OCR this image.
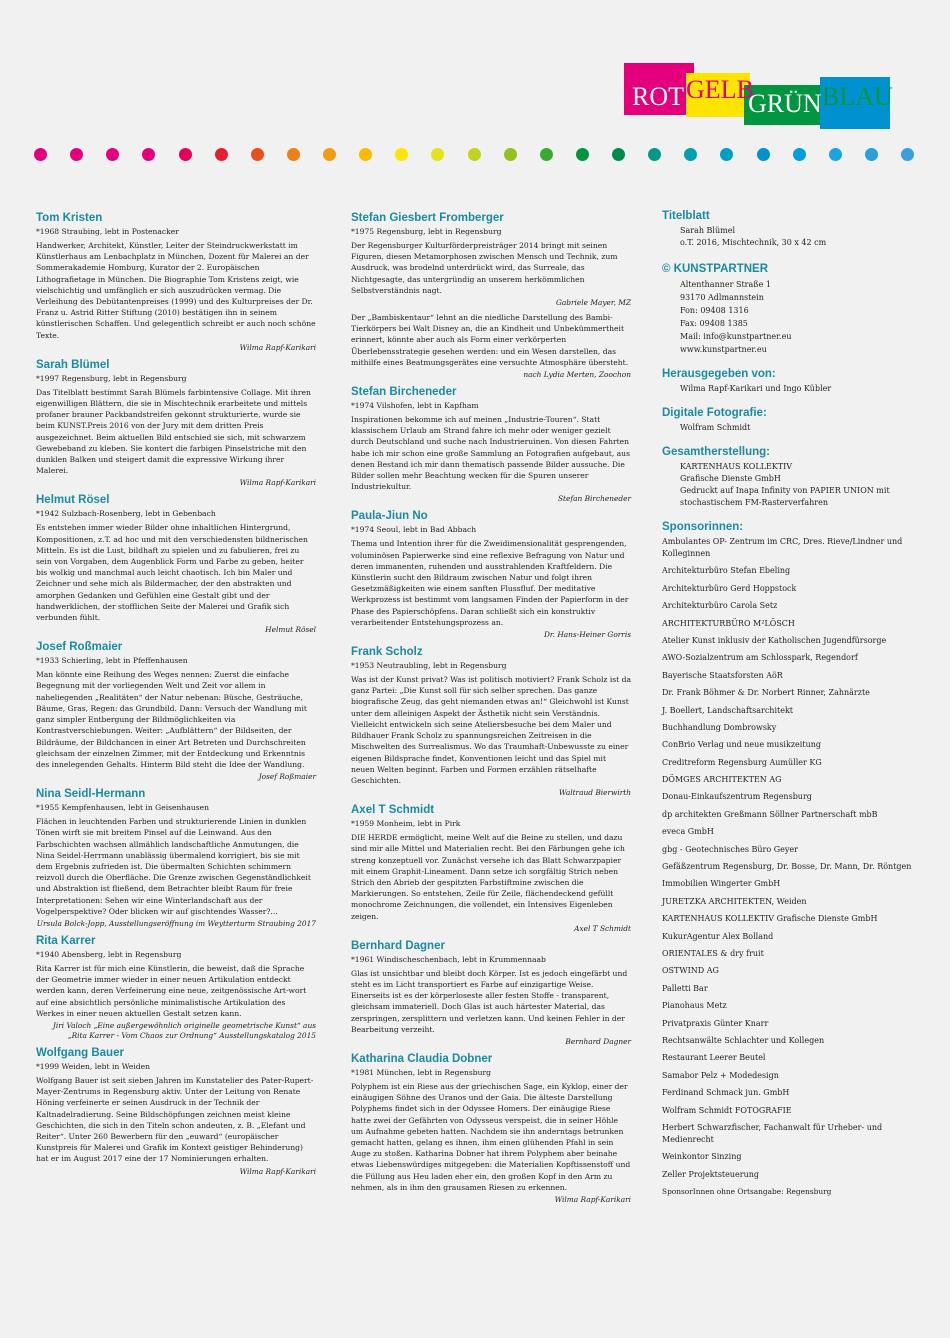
ROT GELB
GRÜN BLAU
Tom Kristen
*1968 Straubing, lebt in Postenacker

Handwerker, Architekt, Künstler, Leiter der Steindruckwerkstatt im Künstlerhaus am Lenbachplatz in München, Dozent für Malerei an der Sommerakademie Homburg, Kurator der 2. Europäischen Lithografietage in München. Die Biographie Tom Kristens zeigt, wie vielschichtig und umfänglich er sich auszudrücken vermag. Die Verleihung des Debütantenpreises (1999) und des Kulturpreises der Dr. Franz u. Astrid Ritter Stiftung (2010) bestätigen ihn in seinem künstlerischen Schaffen. Und gelegentlich schreibt er auch noch schöne Texte.

Wilma Rapf-Karikari
Sarah Blümel
*1997 Regensburg, lebt in Regensburg

Das Titelblatt bestimmt Sarah Blümels farbintensive Collage. Mit ihren eigenwilligen Blättern, die sie in Mischtechnik erarbeitete und mittels profaner brauner Packbandstreifen gekonnt strukturierte, wurde sie beim KUNST.Preis 2016 von der Jury mit dem dritten Preis ausgezeichnet. Beim aktuellen Bild entschied sie sich, mit schwarzem Gewebeband zu kleben. Sie kontert die farbigen Pinselstriche mit den dunklen Balken und steigert damit die expressive Wirkung ihrer Malerei.

Wilma Rapf-Karikari
Helmut Rösel
*1942 Sulzbach-Rosenberg, lebt in Gebenbach

Es entstehen immer wieder Bilder ohne inhaltlichen Hintergrund, Kompositionen, z.T. ad hoc und mit den verschiedensten bildnerischen Mitteln. Es ist die Lust, bildhaft zu spielen und zu fabulieren, frei zu sein von Vorgaben, dem Augenblick Form und Farbe zu geben, heiter bis wolkig und manchmal auch leicht chaotisch. Ich bin Maler und Zeichner und sehe mich als Bildermacher, der den abstrakten und amorphen Gedanken und Gefühlen eine Gestalt gibt und der handwerklichen, der stofflichen Seite der Malerei und Grafik sich verbunden fühlt.

Helmut Rösel
Josef Roßmaier
*1933 Schierling, lebt in Pfeffenhausen

Man könnte eine Reihung des Weges nennen: Zuerst die einfache Begegnung mit der vorliegenden Welt und Zeit vor allem in naheliegenden „Realitäten“ der Natur nebenan: Büsche, Gesträuche, Bäume, Gras, Regen: das Grundbild. Dann: Versuch der Wandlung mit ganz simpler Entbergung der Bildmöglichkeiten via Kontrastverschiebungen. Weiter: „Aufblättern“ der Bildseiten, der Bildräume, der Bildchancen in einer Art Betreten und Durchschreiten gleichsam der einzelnen Zimmer, mit der Entdeckung und Erkenntnis des innelegenden Gehalts. Hinterm Bild steht die Idee der Wandlung.

Josef Roßmaier
Nina Seidl-Hermann
*1955 Kempfenhausen, lebt in Geisenhausen

Flächen in leuchtenden Farben und strukturierende Linien in dunklen Tönen wirft sie mit breitem Pinsel auf die Leinwand. Aus den Farbschichten wachsen allmählich landschaftliche Anmutungen, die Nina Seidel-Herrmann unablässig übermalend korrigiert, bis sie mit dem Ergebnis zufrieden ist. Die übermalten Schichten schimmern reizvoll durch die Oberfläche. Die Grenze zwischen Gegenständlichkeit und Abstraktion ist fließend, dem Betrachter bleibt Raum für freie Interpretationen: Sehen wir eine Winterlandschaft aus der Vogelperspektive? Oder blicken wir auf gischtendes Wasser?...

Ursula Bolck-Jopp, Ausstellungseröffnung im Weytterturm Straubing 2017
Rita Karrer
*1940 Abensberg, lebt in Regensburg

Rita Karrer ist für mich eine Künstlerin, die beweist, daß die Sprache der Geometrie immer wieder in einer neuen Artikulation entdeckt werden kann, deren Verfeinerung eine neue, zeitgenössische Art-wort auf eine absichtlich persönliche minimalistische Artikulation des Werkes in einer neuen aktuellen Gestalt setzen kann.

Jiri Valoch „Eine außergewöhnlich originelle geometrische Kunst“ aus „Rita Karrer - Vom Chaos zur Ordnung“ Ausstellungskatalog 2015
Wolfgang Bauer
*1999 Weiden, lebt in Weiden

Wolfgang Bauer ist seit sieben Jahren im Kunstatelier des Pater-Rupert-Mayer-Zentrums in Regensburg aktiv. Unter der Leitung von Renate Höning verfeinerte er seinen Ausdruck in der Technik der Kaltnadelradierung. Seine Bildschöpfungen zeichnen meist kleine Geschichten, die sich in den Titeln schon andeuten, z. B. „Elefant und Reiter“. Unter 260 Bewerbern für den „euward“ (europäischer Kunstpreis für Malerei und Grafik im Kontext geistiger Behinderung) hat er im August 2017 eine der 17 Nominierungen erhalten.

Wilma Rapf-Karikari
Stefan Giesbert Fromberger
*1975 Regensburg, lebt in Regensburg

Der Regensburger Kulturförderpreisträger 2014 bringt mit seinen Figuren, diesen Metamorphosen zwischen Mensch und Technik, zum Ausdruck, was brodelnd unterdrückt wird, das Surreale, das Nichtgesagte, das untergründig an unserem herkömmlichen Selbstverständnis nagt.

Gabriele Mayer, MZ

Der „Bambiskentaur“ lehnt an die niedliche Darstellung des Bambi-Tierkörpers bei Walt Disney an, die an Kindheit und Unbekümmertheit erinnert, könnte aber auch als Form einer verkörperten Überlebensstrategie gesehen werden: und ein Wesen darstellen, das mithilfe eines Beatmungsgerätes eine versuchte Atmosphäre übersteht.

nach Lydia Merten, Zoochon
Stefan Bircheneder
*1974 Vilshofen, lebt in Kapfham

Inspirationen bekomme ich auf meinen „Industrie-Touren“. Statt klassischem Urlaub am Strand fahre ich mehr oder weniger gezielt durch Deutschland und suche nach Industrieruinen. Von diesen Fahrten habe ich mir schon eine große Sammlung an Fotografien aufgebaut, aus denen Bestand ich mir dann thematisch passende Bilder aussuche. Die Bilder sollen mehr Beachtung wecken für die Spuren unserer Industriekultur.

Stefan Bircheneder
Paula-Jiun No
*1974 Seoul, lebt in Bad Abbach

Thema und Intention ihrer für die Zweidimensionalität gesprengenden, voluminösen Papierwerke sind eine reflexive Befragung von Natur und deren immanenten, ruhenden und ausstrahlenden Kraftfeldern. Die Künstlerin sucht den Bildraum zwischen Natur und folgt ihren Gesetzmäßigkeiten wie einem sanften Flussfluf. Der meditative Werkprozess ist bestimmt vom langsamen Finden der Papierform in der Phase des Papierschöpfens. Daran schließt sich ein konstruktiv verarbeitender Entstehungsprozess an.

Dr. Hans-Heiner Gorris
Frank Scholz
*1953 Neutraubling, lebt in Regensburg

Was ist der Kunst privat? Was ist politisch motiviert? Frank Scholz ist da ganz Partei: „Die Kunst soll für sich selber sprechen. Das ganze biografische Zeug, das geht niemanden etwas an!“ Gleichwohl ist Kunst unter dem alleinigen Aspekt der Ästhetik nicht sein Verständnis. Vielleicht entwickeln sich seine Ateliersbesuche bei dem Maler und Bildhauer Frank Scholz zu spannungsreichen Zeitreisen in die Mischwelten des Surrealismus. Wo das Traumhaft-Unbewusste zu einer eigenen Bildsprache findet, Konventionen leicht und das Spiel mit neuen Welten beginnt. Farben und Formen erzählen rätselhafte Geschichten.

Waltraud Bierwirth
Axel T Schmidt
*1959 Monheim, lebt in Pirk

DIE HERDE ermöglicht, meine Welt auf die Beine zu stellen, und dazu sind mir alle Mittel und Materialien recht. Bei den Färbungen gehe ich streng konzeptuell vor. Zunächst versehe ich das Blatt Schwarzpapier mit einem Graphit-Lineament. Dann setze ich sorgfältig Strich neben Strich den Abrieb der gespitzten Farbstiftmine zwischen die Markierungen. So entstehen, Zeile für Zeile, flächendeckend gefüllt monochrome Zeichnungen, die vollendet, ein Intensives Eigenleben zeigen.

Axel T Schmidt
Bernhard Dagner
*1961 Windischeschenbach, lebt in Krummennaab

Glas ist unsichtbar und bleibt doch Körper. Ist es jedoch eingefärbt und steht es im Licht transportiert es Farbe auf einzigartige Weise. Einerseits ist es der körperloseste aller festen Stoffe - transparent, gleichsam immateriell. Doch Glas ist auch härtester Material, das zerspringen, zersplittern und verletzen kann. Und keinen Fehler in der Bearbeitung verzeiht.

Bernhard Dagner
Katharina Claudia Dobner
*1981 München, lebt in Regensburg

Polyphem ist ein Riese aus der griechischen Sage, ein Kyklop, einer der einäugigen Söhne des Uranos und der Gaia. Die älteste Darstellung Polyphems findet sich in der Odyssee Homers. Der einäugige Riese hatte zwei der Gefährten von Odysseus verspeist, die in seiner Höhle um Aufnahme gebeten hatten. Nachdem sie ihn anderntags betrunken gemacht hatten, gelang es ihnen, ihm einen glühenden Pfahl in sein Auge zu stoßen. Katharina Dobner hat ihrem Polyphem aber beinahe etwas Liebenswürdiges mitgegeben: die Materialien Kopftissenstoff und die Füllung aus Heu laden eher ein, den großen Kopf in den Arm zu nehmen, als in ihm den grausamen Riesen zu erkennen.

Wilma Rapf-Karikari
Titelblatt
Sarah Blümel
o.T. 2016, Mischtechnik, 30 x 42 cm
© KUNSTPARTNER
Altenthanner Straße 1
93170 Adlmannstein
Fon: 09408 1316
Fax: 09408 1385
Mail: info@kunstpartner.eu
www.kunstpartner.eu
Herausgegeben von:
Wilma Rapf-Karikari und Ingo Kübler
Digitale Fotografie:
Wolfram Schmidt
Gesamtherstellung:
KARTENHAUS KOLLEKTIV
Grafische Dienste GmbH
Gedruckt auf Inapa Infinity von PAPIER UNION mit stochastischem FM-Rasterverfahren
Sponsorinnen:
Ambulantes OP- Zentrum im CRC, Dres. Rieve/Lindner und Kolleginnen
Architekturbüro Stefan Ebeling
Architekturbüro Gerd Hoppstock
Architekturbüro Carola Setz
ARCHITEKTURBÜRO M²LÖSCH
Atelier Kunst inklusiv der Katholischen Jugendfürsorge
AWO-Sozialzentrum am Schlosspark, Regendorf
Bayerische Staatsforsten AöR
Dr. Frank Böhmer & Dr. Norbert Rinner, Zahnärzte
J. Boellert, Landschaftsarchitekt
Buchhandlung Dombrowsky
ConBrio Verlag und neue musikzeitung
Creditreform Regensburg Aumüller KG
DÖMGES ARCHITEKTEN AG
Donau-Einkaufszentrum Regensburg
dp architekten Greßmann Söllner Partnerschaft mbB
eveca GmbH
gbg - Geotechnisches Büro Geyer
Gefäßzentrum Regensburg, Dr. Bosse, Dr. Mann, Dr. Röntgen
Immobilien Wingerter GmbH
JURETZKA ARCHITEKTEN, Weiden
KARTENHAUS KOLLEKTIV Grafische Dienste GmbH
KukurAgentur Alex Bolland
ORIENTALES & dry fruit
OSTWIND AG
Palletti Bar
Pianohaus Metz
Privatpraxis Günter Knarr
Rechtsanwälte Schlachter und Kollegen
Restaurant Leerer Beutel
Samabor Pelz + Modedesign
Ferdinand Schmack jun. GmbH
Wolfram Schmidt FOTOGRAFIE
Herbert Schwarzfischer, Fachanwalt für Urheber- und Medienrecht
Weinkontor Sinzing
Zeller Projektsteuerung
SponsorInnen ohne Ortsangabe: Regensburg
